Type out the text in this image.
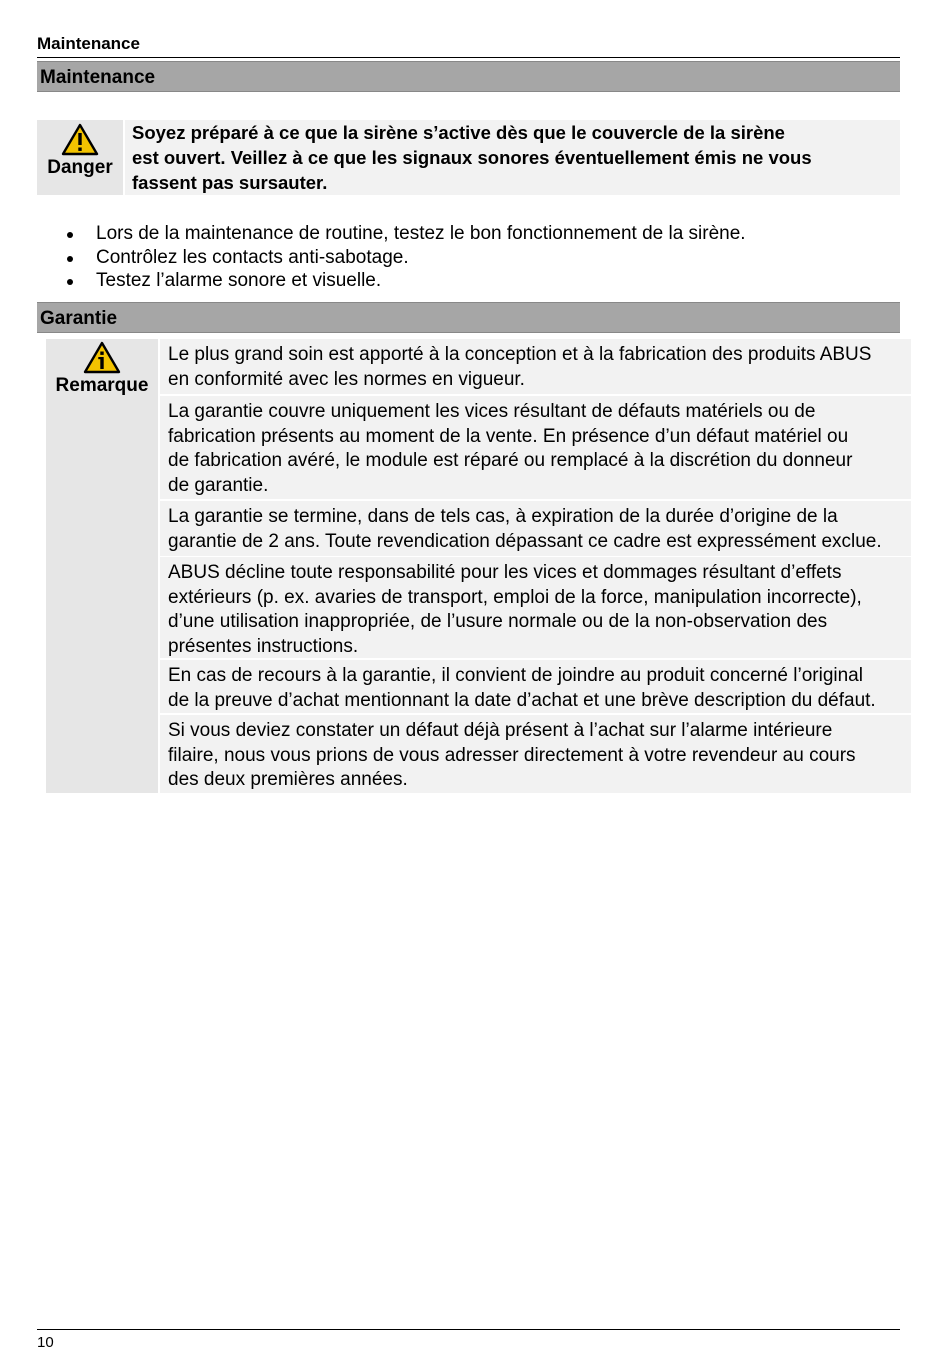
Maintenance
Maintenance
Danger
Soyez préparé à ce que la sirène s’active dès que le couvercle de la sirène
est ouvert. Veillez à ce que les signaux sonores éventuellement émis ne vous
fassent pas sursauter.
Lors de la maintenance de routine, testez le bon fonctionnement de la sirène.
Contrôlez les contacts anti-sabotage.
Testez l’alarme sonore et visuelle.
Garantie
Remarque
Le plus grand soin est apporté à la conception et à la fabrication des produits ABUS
en conformité avec les normes en vigueur.
La garantie couvre uniquement les vices résultant de défauts matériels ou de
fabrication présents au moment de la vente. En présence d’un défaut matériel ou
de fabrication avéré, le module est réparé ou remplacé à la discrétion du donneur
de garantie.
La garantie se termine, dans de tels cas, à expiration de la durée d’origine de la
garantie de 2 ans. Toute revendication dépassant ce cadre est expressément exclue.
ABUS décline toute responsabilité pour les vices et dommages résultant d’effets
extérieurs (p. ex. avaries de transport, emploi de la force, manipulation incorrecte),
d’une utilisation inappropriée, de l’usure normale ou de la non-observation des
présentes instructions.
En cas de recours à la garantie, il convient de joindre au produit concerné l’original
de la preuve d’achat mentionnant la date d’achat et une brève description du défaut.
Si vous deviez constater un défaut déjà présent à l’achat sur l’alarme intérieure
filaire, nous vous prions de vous adresser directement à votre revendeur au cours
des deux premières années.
10
